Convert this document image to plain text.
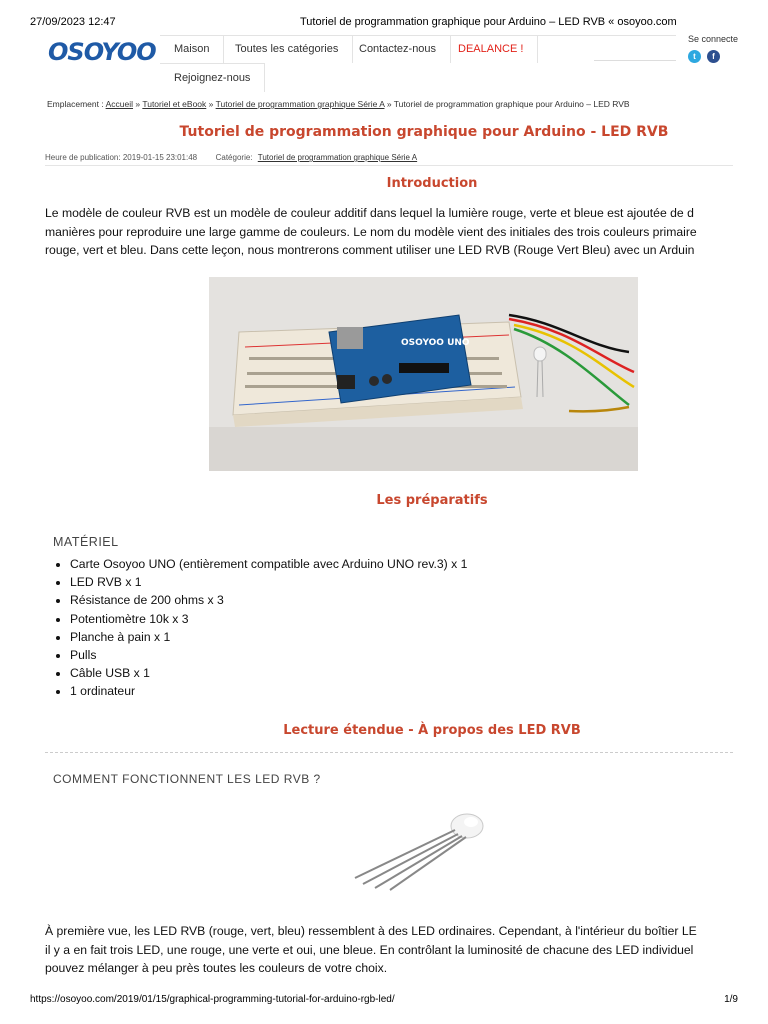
27/09/2023 12:47	Tutoriel de programmation graphique pour Arduino – LED RVB « osoyoo.com
OSOYOO	Maison	Toutes les catégories	Contactez-nous	DEALANCE !
Rejoignez-nous
Se connecte
t f
Emplacement : Accueil » Tutoriel et eBook » Tutoriel de programmation graphique Série A » Tutoriel de programmation graphique pour Arduino – LED RVB
Tutoriel de programmation graphique pour Arduino - LED RVB
Heure de publication: 2019-01-15 23:01:48 Catégorie: Tutoriel de programmation graphique Série A
Introduction
Le modèle de couleur RVB est un modèle de couleur additif dans lequel la lumière rouge, verte et bleue est ajoutée de d
manières pour reproduire une large gamme de couleurs. Le nom du modèle vient des initiales des trois couleurs primaire
rouge, vert et bleu. Dans cette leçon, nous montrerons comment utiliser une LED RVB (Rouge Vert Bleu) avec un Arduin
OSOYOO UNO
Les préparatifs
MATÉRIEL
• Carte Osoyoo UNO (entièrement compatible avec Arduino UNO rev.3) x 1
• LED RVB x 1
• Résistance de 200 ohms x 3
• Potentiomètre 10k x 3
• Planche à pain x 1
• Pulls
• Câble USB x 1
• 1 ordinateur
Lecture étendue - À propos des LED RVB
COMMENT FONCTIONNENT LES LED RVB ?
À première vue, les LED RVB (rouge, vert, bleu) ressemblent à des LED ordinaires. Cependant, à l'intérieur du boîtier LE
il y a en fait trois LED, une rouge, une verte et oui, une bleue. En contrôlant la luminosité de chacune des LED individuel
pouvez mélanger à peu près toutes les couleurs de votre choix.
https://osoyoo.com/2019/01/15/graphical-programming-tutorial-for-arduino-rgb-led/	1/9
